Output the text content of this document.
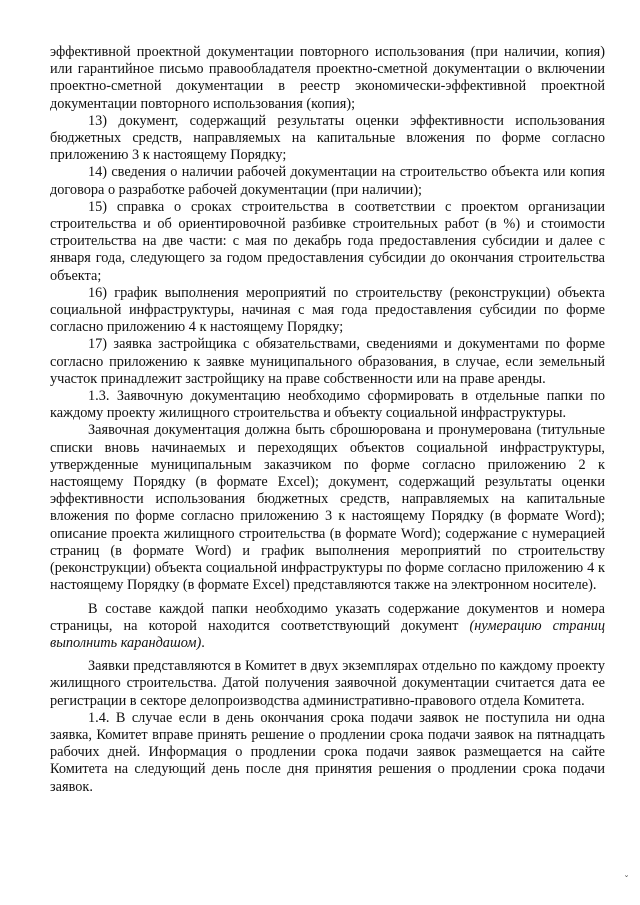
эффективной проектной документации повторного использования (при наличии, копия) или гарантийное письмо правообладателя проектно-сметной документации о включении проектно-сметной документации в реестр экономически-эффективной проектной документации повторного использования (копия);

13) документ, содержащий результаты оценки эффективности использования бюджетных средств, направляемых на капитальные вложения по форме согласно приложению 3 к настоящему Порядку;

14) сведения о наличии рабочей документации на строительство объекта или копия договора о разработке рабочей документации (при наличии);

15) справка о сроках строительства в соответствии с проектом организации строительства и об ориентировочной разбивке строительных работ (в %) и стоимости строительства на две части: с мая по декабрь года предоставления субсидии и далее с января года, следующего за годом предоставления субсидии до окончания строительства объекта;

16) график выполнения мероприятий по строительству (реконструкции) объекта социальной инфраструктуры, начиная с мая года предоставления субсидии по форме согласно приложению 4 к настоящему Порядку;

17) заявка застройщика с обязательствами, сведениями и документами по форме согласно приложению к заявке муниципального образования, в случае, если земельный участок принадлежит застройщику на праве собственности или на праве аренды.

1.3. Заявочную документацию необходимо сформировать в отдельные папки по каждому проекту жилищного строительства и объекту социальной инфраструктуры.

Заявочная документация должна быть сброшюрована и пронумерована (титульные списки вновь начинаемых и переходящих объектов социальной инфраструктуры, утвержденные муниципальным заказчиком по форме согласно приложению 2 к настоящему Порядку (в формате Excel); документ, содержащий результаты оценки эффективности использования бюджетных средств, направляемых на капитальные вложения по форме согласно приложению 3 к настоящему Порядку (в формате Word); описание проекта жилищного строительства (в формате Word); содержание с нумерацией страниц (в формате Word) и график выполнения мероприятий по строительству (реконструкции) объекта социальной инфраструктуры по форме согласно приложению 4 к настоящему Порядку (в формате Excel) представляются также на электронном носителе).

В составе каждой папки необходимо указать содержание документов и номера страницы, на которой находится соответствующий документ (нумерацию страниц выполнить карандашом).

Заявки представляются в Комитет в двух экземплярах отдельно по каждому проекту жилищного строительства. Датой получения заявочной документации считается дата ее регистрации в секторе делопроизводства административно-правового отдела Комитета.

1.4. В случае если в день окончания срока подачи заявок не поступила ни одна заявка, Комитет вправе принять решение о продлении срока подачи заявок на пятнадцать рабочих дней. Информация о продлении срока подачи заявок размещается на сайте Комитета на следующий день после дня принятия решения о продлении срока подачи заявок.

ˇ
